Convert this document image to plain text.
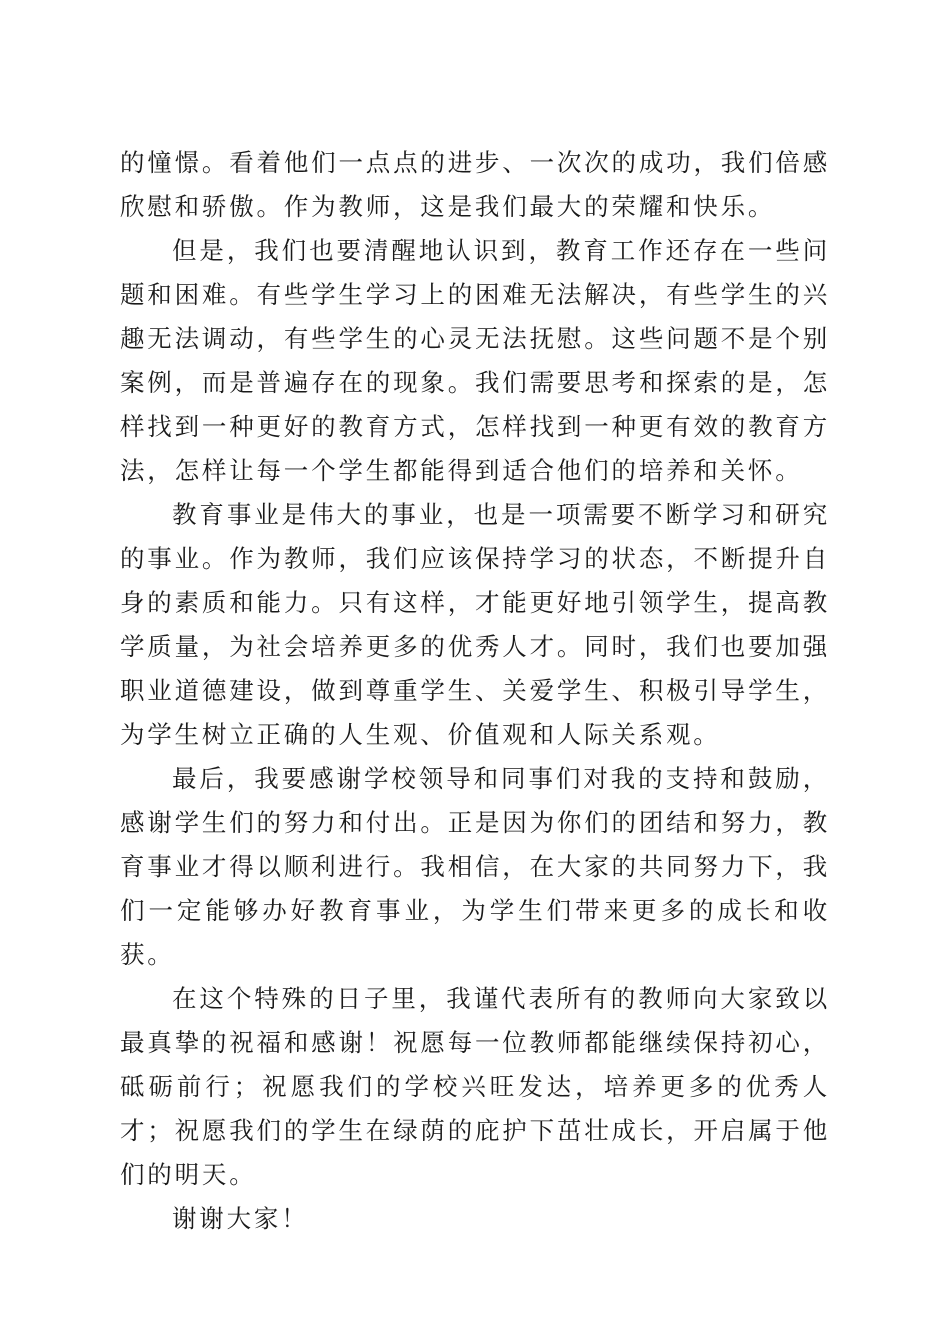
的憧憬。看着他们一点点的进步、一次次的成功，我们倍感欣慰和骄傲。作为教师，这是我们最大的荣耀和快乐。

但是，我们也要清醒地认识到，教育工作还存在一些问题和困难。有些学生学习上的困难无法解决，有些学生的兴趣无法调动，有些学生的心灵无法抚慰。这些问题不是个别案例，而是普遍存在的现象。我们需要思考和探索的是，怎样找到一种更好的教育方式，怎样找到一种更有效的教育方法，怎样让每一个学生都能得到适合他们的培养和关怀。

教育事业是伟大的事业，也是一项需要不断学习和研究的事业。作为教师，我们应该保持学习的状态，不断提升自身的素质和能力。只有这样，才能更好地引领学生，提高教学质量，为社会培养更多的优秀人才。同时，我们也要加强职业道德建设，做到尊重学生、关爱学生、积极引导学生，为学生树立正确的人生观、价值观和人际关系观。

最后，我要感谢学校领导和同事们对我的支持和鼓励，感谢学生们的努力和付出。正是因为你们的团结和努力，教育事业才得以顺利进行。我相信，在大家的共同努力下，我们一定能够办好教育事业，为学生们带来更多的成长和收获。

在这个特殊的日子里，我谨代表所有的教师向大家致以最真挚的祝福和感谢！祝愿每一位教师都能继续保持初心，砥砺前行；祝愿我们的学校兴旺发达，培养更多的优秀人才；祝愿我们的学生在绿荫的庇护下茁壮成长，开启属于他们的明天。

谢谢大家！
